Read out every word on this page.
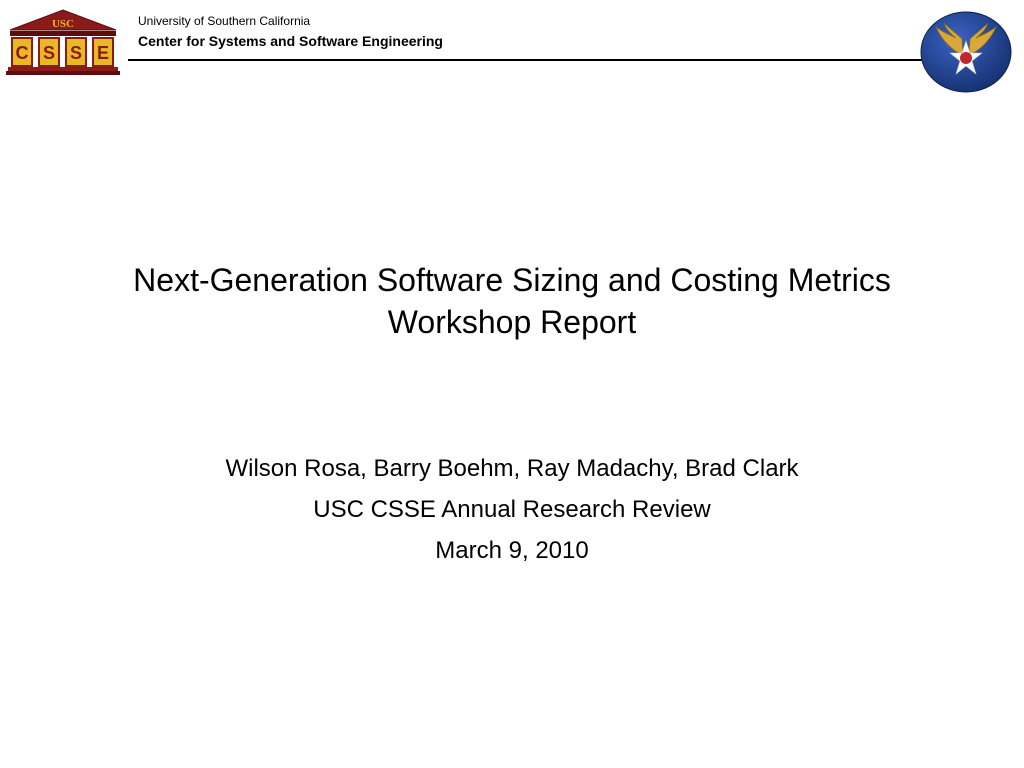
USC
C S S E
University of Southern California
Center for Systems and Software Engineering
Next-Generation Software Sizing and Costing Metrics
Workshop Report
Wilson Rosa, Barry Boehm, Ray Madachy, Brad Clark
USC CSSE Annual Research Review
March 9, 2010
